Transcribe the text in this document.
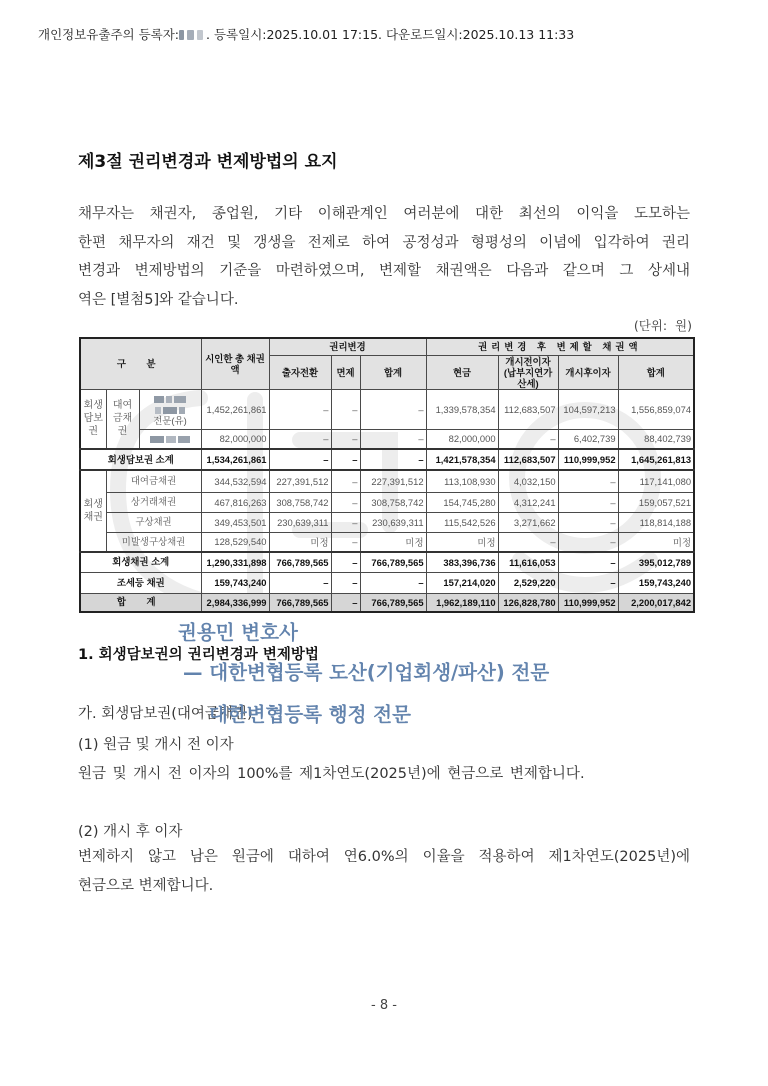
개인정보유출주의 등록자: . 등록일시:2025.10.01 17:15. 다운로드일시:2025.10.13 11:33
제3절 권리변경과 변제방법의 요지
채무자는 채권자, 종업원, 기타 이해관계인 여러분에 대한 최선의 이익을 도모하는
한편 채무자의 재건 및 갱생을 전제로 하여 공정성과 형평성의 이념에 입각하여 권리
변경과 변제방법의 기준을 마련하였으며, 변제할 채권액은 다음과 같으며 그 상세내
역은 [별첨5]와 같습니다.
(단위:  원)
구 분			시인한 총 채권액	권리변경			권리변경 후 변제할 채권액			
				출자전환	면제	합계	현금	개시전이자 (납부지연가산세)	개시후이자	합계
회생담보권	대여금채권	전문(유)	1,452,261,861	–	–	–	1,339,578,354	112,683,507	104,597,213	1,556,859,074

			82,000,000	–	–	–	82,000,000	–	6,402,739	88,402,739
회생담보권 소계			1,534,261,861	–	–	–	1,421,578,354	112,683,507	110,999,952	1,645,261,813
회생채권	대여금채권		344,532,594	227,391,512	–	227,391,512	113,108,930	4,032,150	–	117,141,080
	상거래채권		467,816,263	308,758,742	–	308,758,742	154,745,280	4,312,241	–	159,057,521
	구상채권		349,453,501	230,639,311	–	230,639,311	115,542,526	3,271,662	–	118,814,188
	미발생구상채권		128,529,540	미정	–	미정	미정	–	–	미정
회생채권 소계			1,290,331,898	766,789,565	–	766,789,565	383,396,736	11,616,053	–	395,012,789
조세등 채권			159,743,240	–	–	–	157,214,020	2,529,220	–	159,743,240
합 계			2,984,336,999	766,789,565	–	766,789,565	1,962,189,110	126,828,780	110,999,952	2,200,017,842
1. 회생담보권의 권리변경과 변제방법
가. 회생담보권(대여금채권)
(1) 원금 및 개시 전 이자
원금 및 개시 전 이자의 100%를 제1차연도(2025년)에 현금으로 변제합니다.
(2) 개시 후 이자
변제하지 않고 남은 원금에 대하여 연6.0%의 이율을 적용하여 제1차연도(2025년)에
현금으로 변제합니다.
권용민 변호사
— 대한변협등록 도산(기업회생/파산) 전문
대한변협등록 행정 전문
- 8 -
